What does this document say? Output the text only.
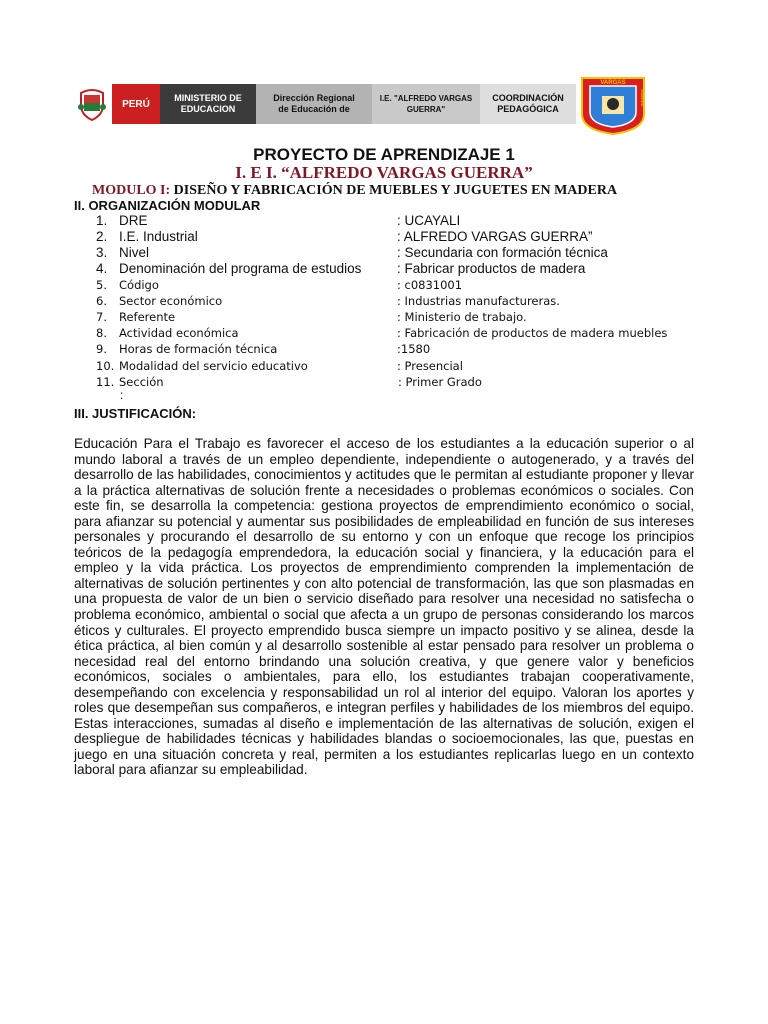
PERÚ
MINISTERIO DE
EDUCACION
Dirección Regional
de Educación de
I.E. "ALFREDO VARGAS
GUERRA"
COORDINACIÓN
PEDAGÓGICA
VARGAS
GUERRA
PROYECTO DE APRENDIZAJE 1
I. E I. “ALFREDO VARGAS GUERRA”
MODULO I: DISEÑO Y FABRICACIÓN DE MUEBLES Y JUGUETES EN MADERA
II. ORGANIZACIÓN MODULAR
1. DRE	: UCAYALI
2. I.E. Industrial	: ALFREDO VARGAS GUERRA”
3. Nivel	: Secundaria con formación técnica
4. Denominación del programa de estudios	: Fabricar productos de madera
5. Código	: c0831001
6. Sector económico	: Industrias manufactureras.
7. Referente	: Ministerio de trabajo.
8. Actividad económica	: Fabricación de productos de madera muebles
9. Horas de formación técnica	:1580
10. Modalidad del servicio educativo	: Presencial
11. Sección	: Primer Grado
:
III. JUSTIFICACIÓN:
Educación Para el Trabajo es favorecer el acceso de los estudiantes a la educación superior o al mundo laboral a través de un empleo dependiente, independiente o autogenerado, y a través del desarrollo de las habilidades, conocimientos y actitudes que le permitan al estudiante proponer y llevar a la práctica alternativas de solución frente a necesidades o problemas económicos o sociales. Con este fin, se desarrolla la competencia: gestiona proyectos de emprendimiento económico o social, para afianzar su potencial y aumentar sus posibilidades de empleabilidad en función de sus intereses personales y procurando el desarrollo de su entorno y con un enfoque que recoge los principios teóricos de la pedagogía emprendedora, la educación social y financiera, y la educación para el empleo y la vida práctica. Los proyectos de emprendimiento comprenden la implementación de alternativas de solución pertinentes y con alto potencial de transformación, las que son plasmadas en una propuesta de valor de un bien o servicio diseñado para resolver una necesidad no satisfecha o problema económico, ambiental o social que afecta a un grupo de personas considerando los marcos éticos y culturales. El proyecto emprendido busca siempre un impacto positivo y se alinea, desde la ética práctica, al bien común y al desarrollo sostenible al estar pensado para resolver un problema o necesidad real del entorno brindando una solución creativa, y que genere valor y beneficios económicos, sociales o ambientales, para ello, los estudiantes trabajan cooperativamente, desempeñando con excelencia y responsabilidad un rol al interior del equipo. Valoran los aportes y roles que desempeñan sus compañeros, e integran perfiles y habilidades de los miembros del equipo. Estas interacciones, sumadas al diseño e implementación de las alternativas de solución, exigen el despliegue de habilidades técnicas y habilidades blandas o socioemocionales, las que, puestas en juego en una situación concreta y real, permiten a los estudiantes replicarlas luego en un contexto laboral para afianzar su empleabilidad.
